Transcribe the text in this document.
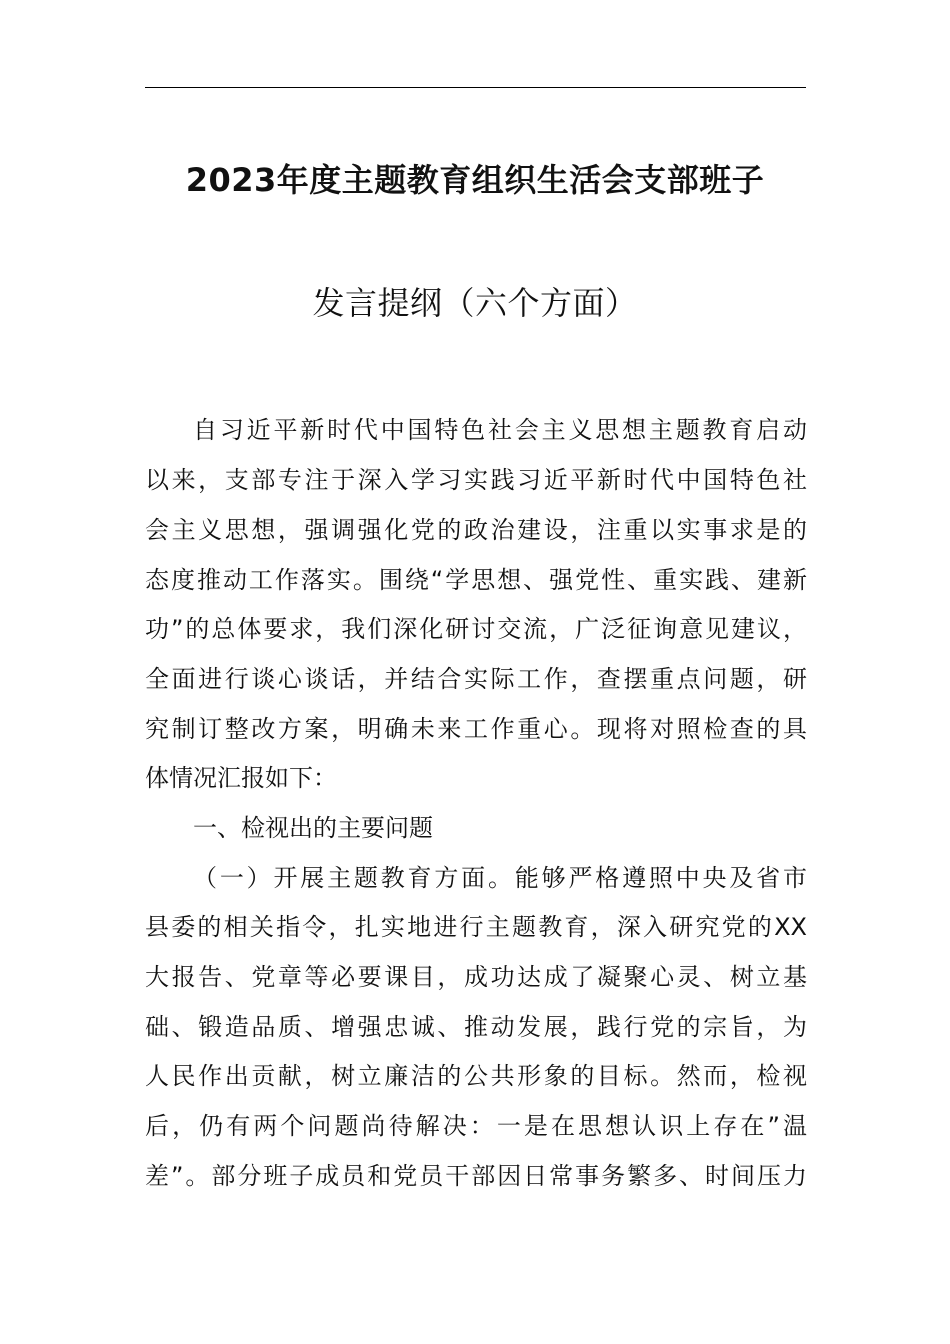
2023年度主题教育组织生活会支部班子
发言提纲（六个方面）
自习近平新时代中国特色社会主义思想主题教育启动
以来，支部专注于深入学习实践习近平新时代中国特色社
会主义思想，强调强化党的政治建设，注重以实事求是的
态度推动工作落实。围绕“学思想、强党性、重实践、建新
功”的总体要求，我们深化研讨交流，广泛征询意见建议，
全面进行谈心谈话，并结合实际工作，查摆重点问题，研
究制订整改方案，明确未来工作重心。现将对照检查的具
体情况汇报如下：
一、检视出的主要问题
（一）开展主题教育方面。能够严格遵照中央及省市
县委的相关指令，扎实地进行主题教育，深入研究党的XX
大报告、党章等必要课目，成功达成了凝聚心灵、树立基
础、锻造品质、增强忠诚、推动发展，践行党的宗旨，为
人民作出贡献，树立廉洁的公共形象的目标。然而，检视
后，仍有两个问题尚待解决：一是在思想认识上存在”温
差”。部分班子成员和党员干部因日常事务繁多、时间压力
